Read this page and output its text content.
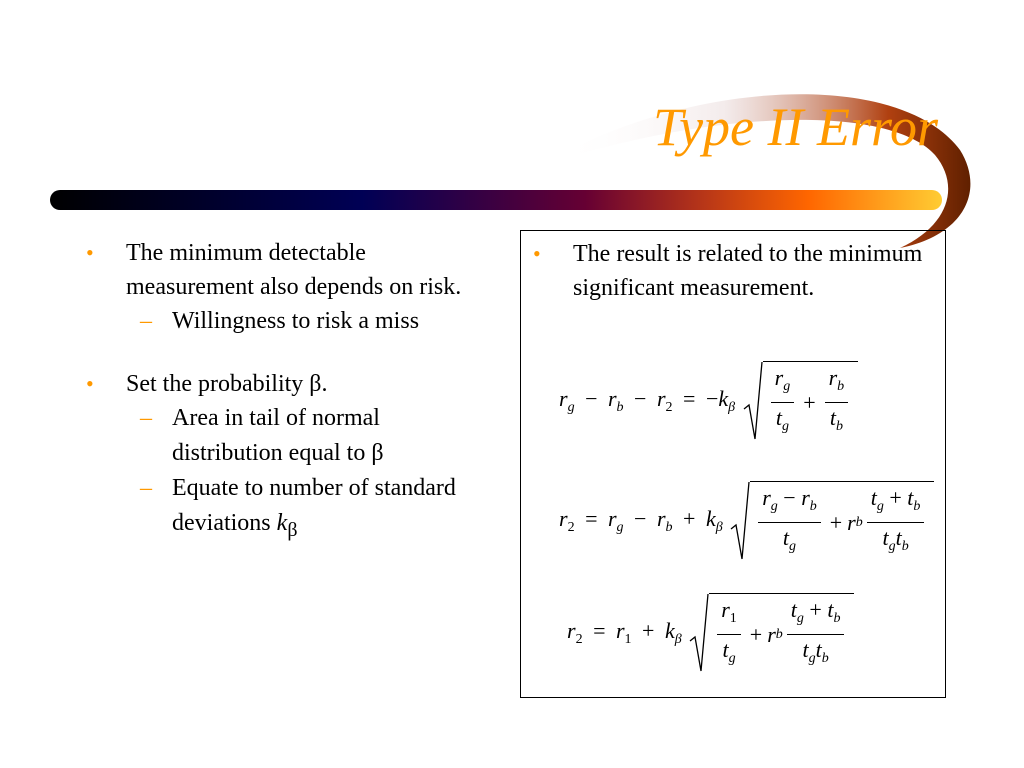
Type II Error

•	The minimum detectable measurement also depends on risk.

– Willingness to risk a miss

•	Set the probability β.

– Area in tail of normal distribution equal to β

– Equate to number of standard deviations $k_\beta$

•	The result is related to the minimum significant measurement.

$r_g - r_b - r_2 = -k_\beta \frac{r_g}{t_g} + \frac{r_b}{t_b}$
$r_2 = r_g - r_b + k_\beta \frac{r_g - r_b}{t_g} + r$ b $\frac{t_g + t_b}{t_gt_b}$
$r_2 = r_1 + k_\beta \frac{r_1}{t_g} + r$ b $\frac{t_g + t_b}{t_gt_b}$
